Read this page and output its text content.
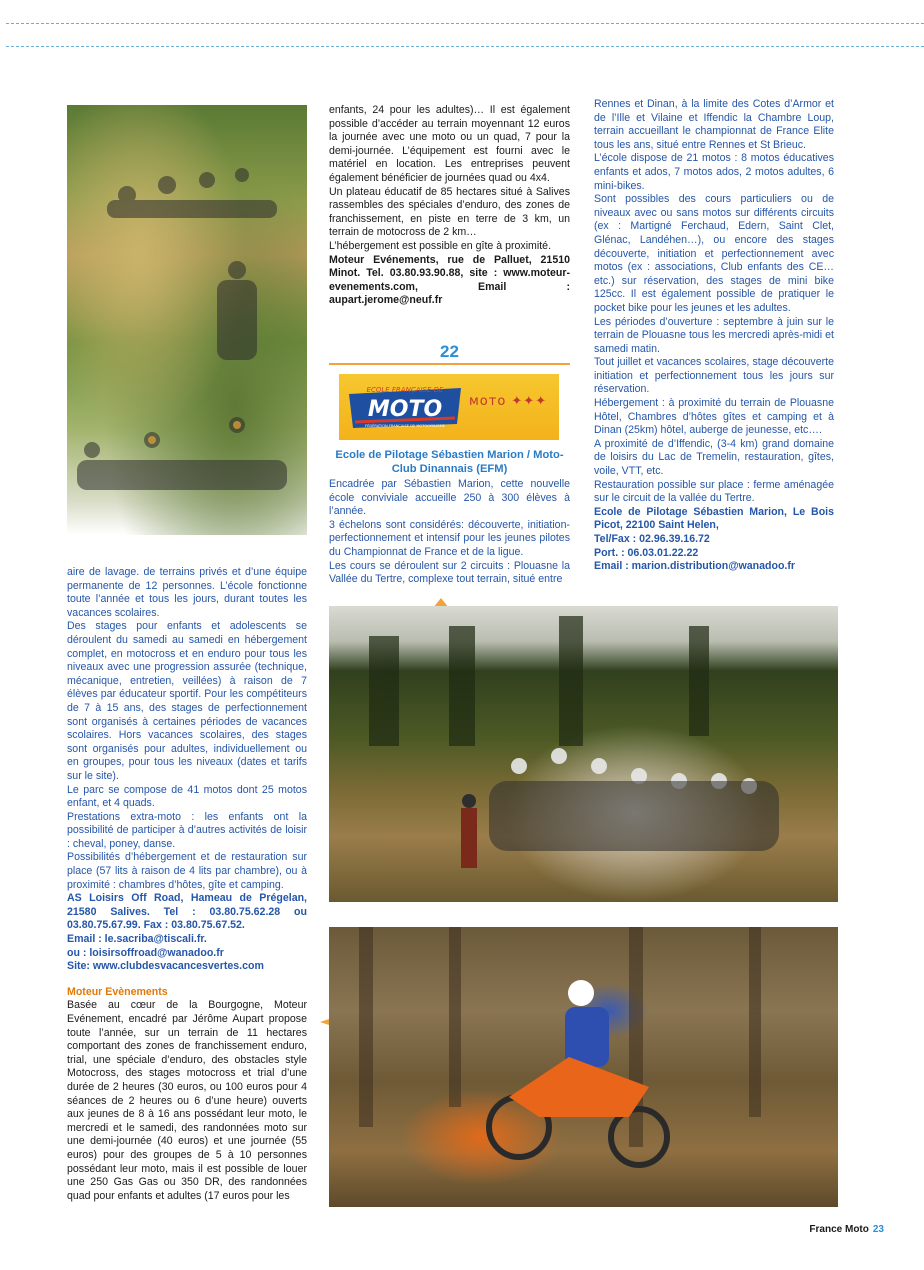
aire de lavage. de terrains privés et d’une équipe permanente de 12 personnes. L’école fonctionne toute l’année et tous les jours, durant toutes les vacances scolaires.

Des stages pour enfants et adolescents se déroulent du samedi au samedi en hébergement complet, en motocross et en enduro pour tous les niveaux avec une progression assurée (technique, mécanique, entretien, veillées) à raison de 7 élèves par éducateur sportif. Pour les compétiteurs de 7 à 15 ans, des stages de perfectionnement sont organisés à certaines périodes de vacances scolaires. Hors vacances scolaires, des stages sont organisés pour adultes, individuellement ou en groupes, pour tous les niveaux (dates et tarifs sur le site).

Le parc se compose de 41 motos dont 25 motos enfant, et 4 quads.

Prestations extra-moto : les enfants ont la possibilité de participer à d’autres activités de loisir : cheval, poney, danse.

Possibilités d’hébergement et de restauration sur place (57 lits à raison de 4 lits par chambre), ou à proximité : chambres d’hôtes, gîte et camping.

AS Loisirs Off Road, Hameau de Prégelan, 21580 Salives. Tel : 03.80.75.62.28 ou 03.80.75.67.99. Fax : 03.80.75.67.52.

Email : le.sacriba@tiscali.fr.

ou : loisirsoffroad@wanadoo.fr

Site: www.clubdesvacancesvertes.com

Moteur Evènements

Basée au cœur de la Bourgogne, Moteur Evénement, encadré par Jérôme Aupart propose toute l’année, sur un terrain de 11 hectares comportant des zones de franchissement enduro, trial, une spéciale d’enduro, des obstacles style Motocross, des stages motocross et trial d’une durée de 2 heures (30 euros, ou 100 euros pour 4 séances de 2 heures ou 6 d’une heure) ouverts aux jeunes de 8 à 16 ans possédant leur moto, le mercredi et le samedi, des randonnées moto sur une demi-journée (40 euros) et une journée (55 euros) pour des groupes de 5 à 10 personnes possédant leur moto, mais il est possible de louer une 250 Gas Gas ou 350 DR, des randonnées quad pour enfants et adultes (17 euros pour les

enfants, 24 pour les adultes)… Il est également possible d’accéder au terrain moyennant 12 euros la journée avec une moto ou un quad, 7 pour la demi-journée. L’équipement est fourni avec le matériel en location. Les entreprises peuvent également bénéficier de journées quad ou 4x4.

Un plateau éducatif de 85 hectares situé à Salives rassembles des spéciales d’enduro, des zones de franchissement, en piste en terre de 3 km, un terrain de motocross de 2 km…

L’hébergement est possible en gîte à proximité.

Moteur Evénements, rue de Palluet, 21510 Minot. Tel. 03.80.93.90.88, site : www.moteur-evenements.com, Email : aupart.jerome@neuf.fr

22
ECOLE FRANÇAISE DE
MOTO
FÉDÉRATION FRANÇAISE DE MOTOCYCLISME
ᴍᴏᴛᴏ ✦✦✦
Ecole de Pilotage Sébastien Marion / Moto-Club Dinannais (EFM)

Encadrée par Sébastien Marion, cette nouvelle école conviviale accueille 250 à 300 élèves à l’année.

3 échelons sont considérés: découverte, initiation-perfectionnement et intensif pour les jeunes pilotes du Championnat de France et de la ligue.

Les cours se déroulent sur 2 circuits : Plouasne la Vallée du Tertre, complexe tout terrain, situé entre

Rennes et Dinan, à la limite des Cotes d’Armor et de l’Ille et Vilaine et Iffendic la Chambre Loup, terrain accueillant le championnat de France Elite tous les ans, situé entre Rennes et St Brieuc.

L’école dispose de 21 motos : 8 motos éducatives enfants et ados, 7 motos ados, 2 motos adultes, 6 mini-bikes.

Sont possibles des cours particuliers ou de niveaux avec ou sans motos sur différents circuits (ex : Martigné Ferchaud, Edern, Saint Clet, Glénac, Landéhen…), ou encore des stages découverte, initiation et perfectionnement avec motos (ex : associations, Club enfants des CE…etc.) sur réservation, des stages de mini bike 125cc. Il est également possible de pratiquer le pocket bike pour les jeunes et les adultes.

Les périodes d’ouverture : septembre à juin sur le terrain de Plouasne tous les mercredi après-midi et samedi matin.

Tout juillet et vacances scolaires, stage découverte initiation et perfectionnement tous les jours sur réservation.

Hébergement : à proximité du terrain de Plouasne Hôtel, Chambres d’hôtes gîtes et camping et à Dinan (25km) hôtel, auberge de jeunesse, etc….

A proximité de d’Iffendic, (3-4 km) grand domaine de loisirs du Lac de Tremelin, restauration, gîtes, voile, VTT, etc.

Restauration possible sur place : ferme aménagée sur le circuit de la vallée du Tertre.

Ecole de Pilotage Sébastien Marion, Le Bois Picot, 22100 Saint Helen,

Tel/Fax : 02.96.39.16.72

Port. : 06.03.01.22.22

Email : marion.distribution@wanadoo.fr

France Moto 23
